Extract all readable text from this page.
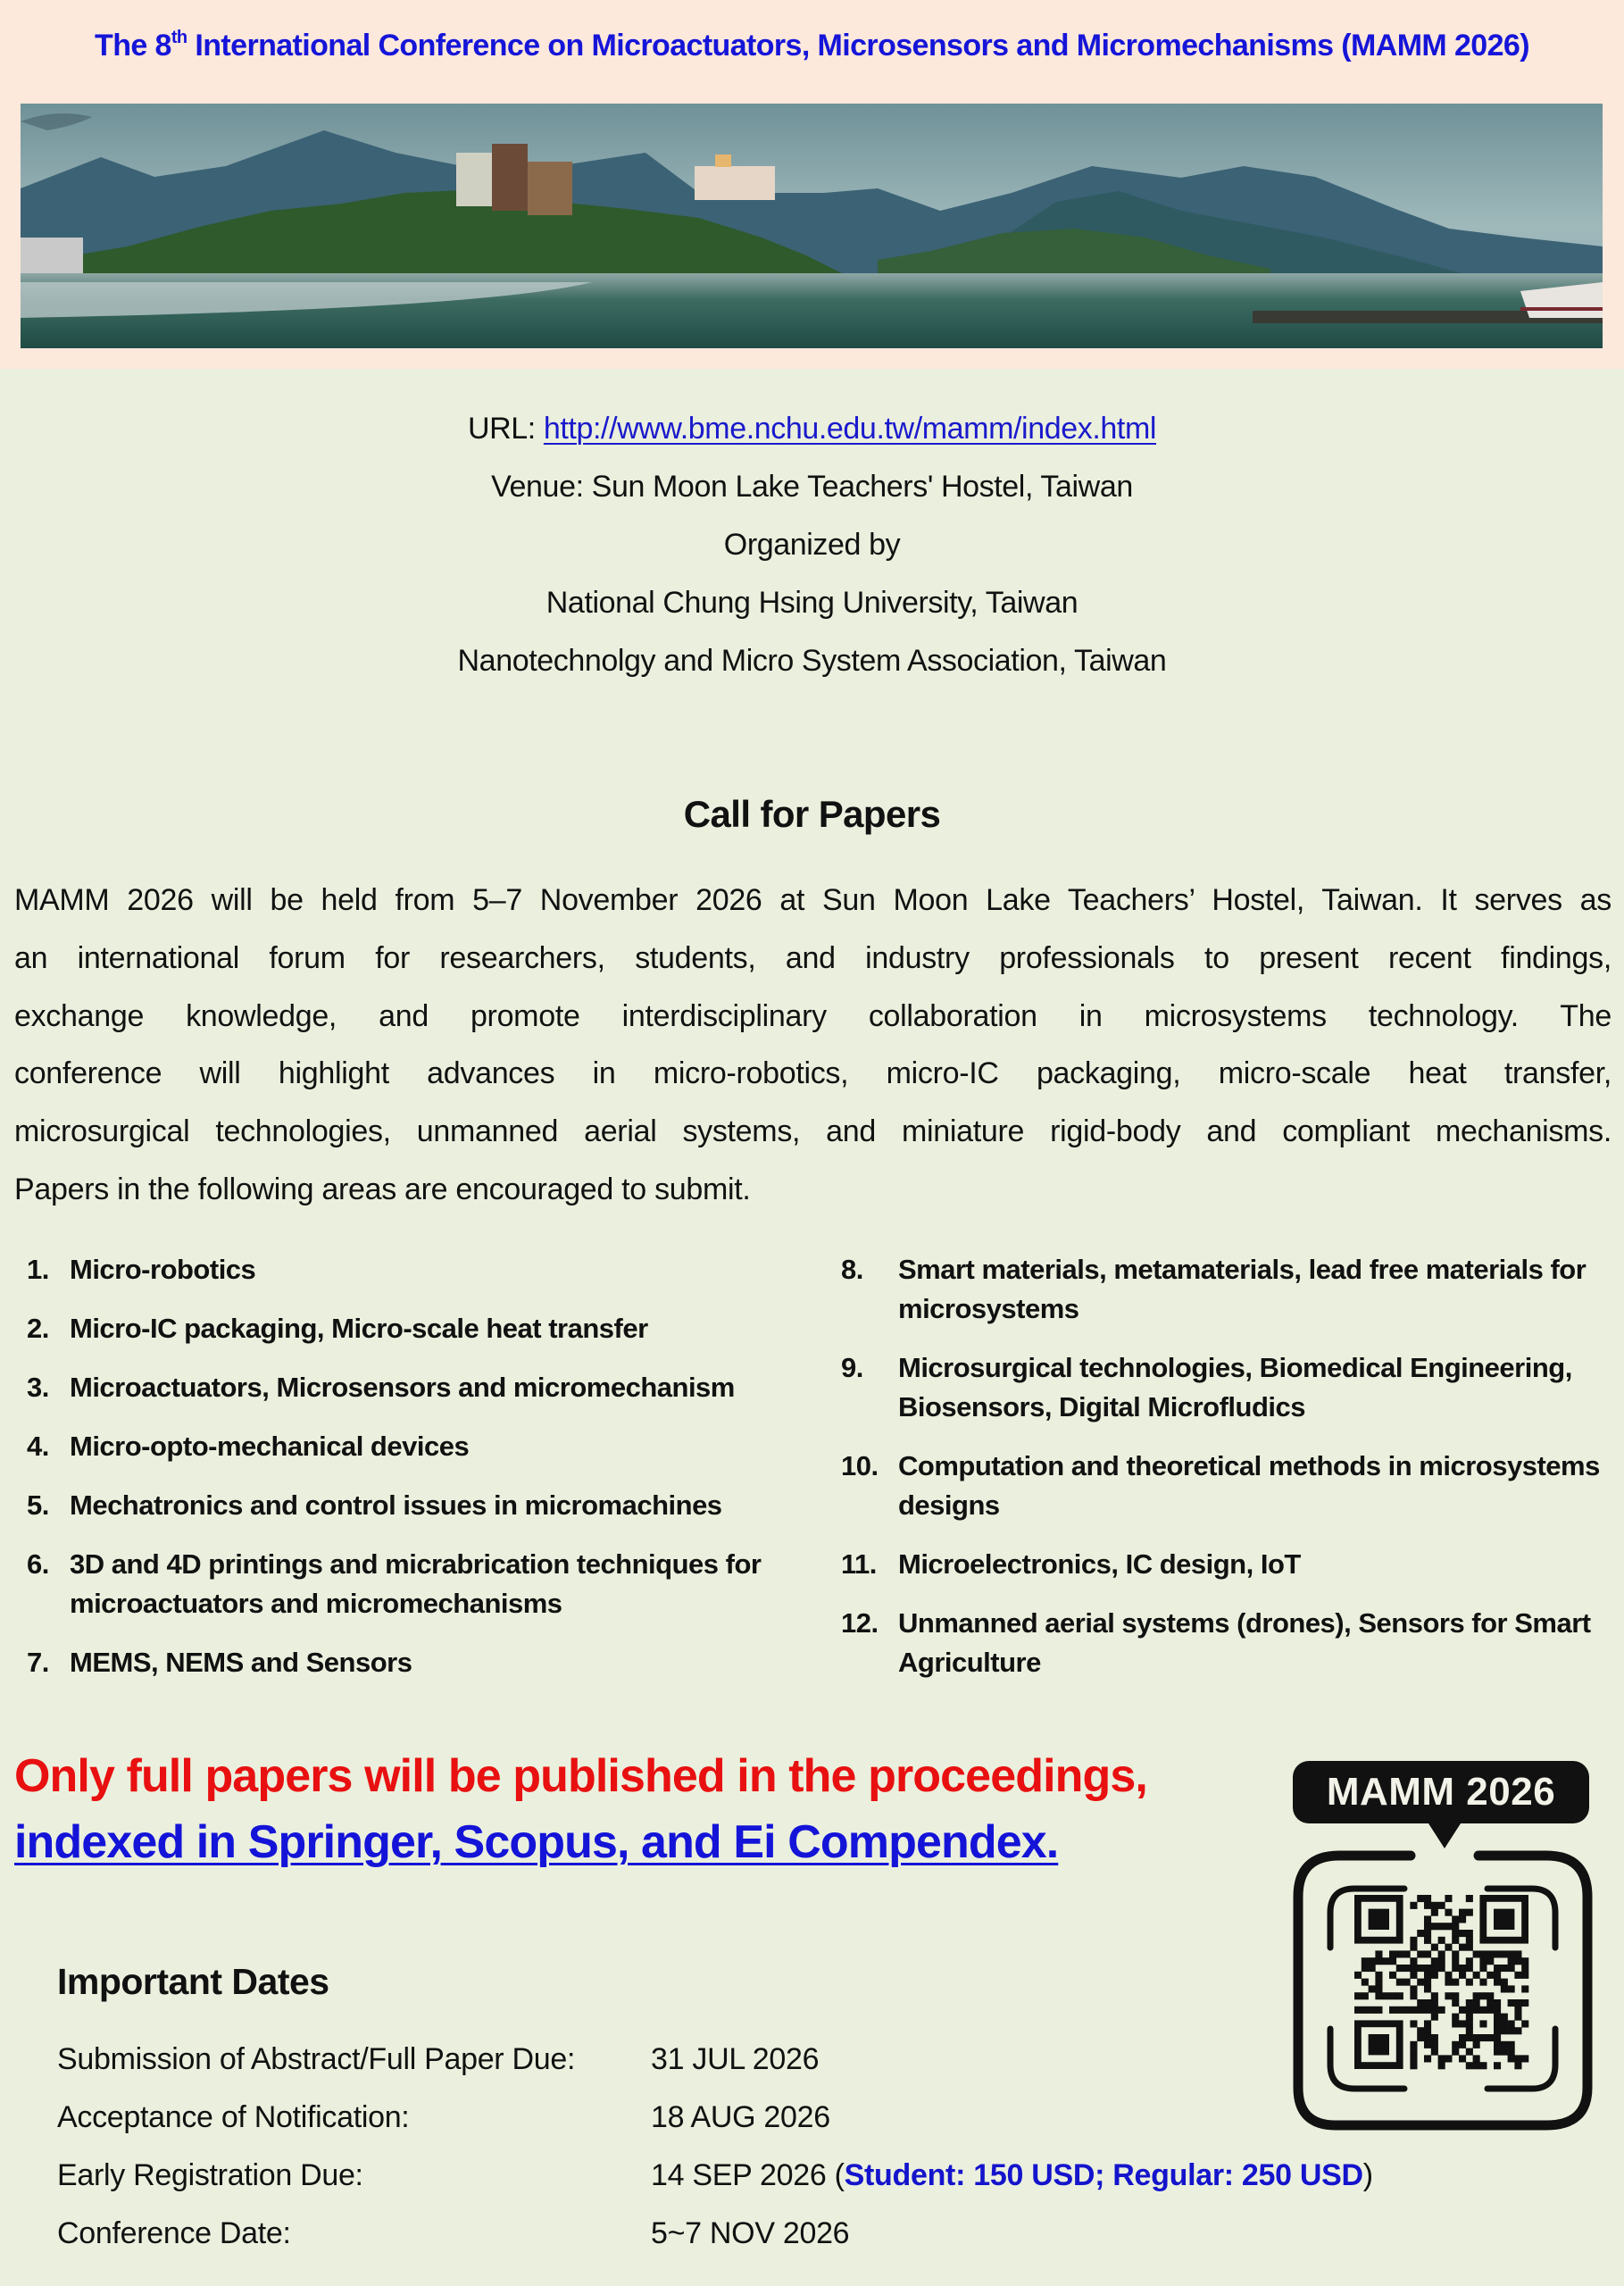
The 8th International Conference on Microactuators, Microsensors and Micromechanisms (MAMM 2026)
URL: http://www.bme.nchu.edu.tw/mamm/index.html
Venue: Sun Moon Lake Teachers' Hostel, Taiwan
Organized by
National Chung Hsing University, Taiwan
Nanotechnolgy and Micro System Association, Taiwan
Call for Papers
MAMM 2026 will be held from 5–7 November 2026 at Sun Moon Lake Teachers’ Hostel, Taiwan. It serves as
an international forum for researchers, students, and industry professionals to present recent findings,
exchange knowledge, and promote interdisciplinary collaboration in microsystems technology. The
conference will highlight advances in micro-robotics, micro-IC packaging, micro-scale heat transfer,
microsurgical technologies, unmanned aerial systems, and miniature rigid-body and compliant mechanisms.
Papers in the following areas are encouraged to submit.
1. Micro-robotics
2. Micro-IC packaging, Micro-scale heat transfer
3. Microactuators, Microsensors and micromechanism
4. Micro-opto-mechanical devices
5. Mechatronics and control issues in micromachines
6. 3D and 4D printings and micrabrication techniques for microactuators and micromechanisms
7. MEMS, NEMS and Sensors
8.	Smart materials, metamaterials, lead free materials for microsystems
9.	Microsurgical technologies, Biomedical Engineering, Biosensors, Digital Microfludics
10. Computation and theoretical methods in microsystems designs
11. Microelectronics, IC design, IoT
12. Unmanned aerial systems (drones), Sensors for Smart Agriculture
Only full papers will be published in the proceedings,
indexed in Springer, Scopus, and Ei Compendex.
MAMM 2026
Important Dates
Submission of Abstract/Full Paper Due:	31 JUL 2026
Acceptance of Notification:	18 AUG 2026
Early Registration Due:	14 SEP 2026 (Student: 150 USD; Regular: 250 USD)
Conference Date:	5~7 NOV 2026
